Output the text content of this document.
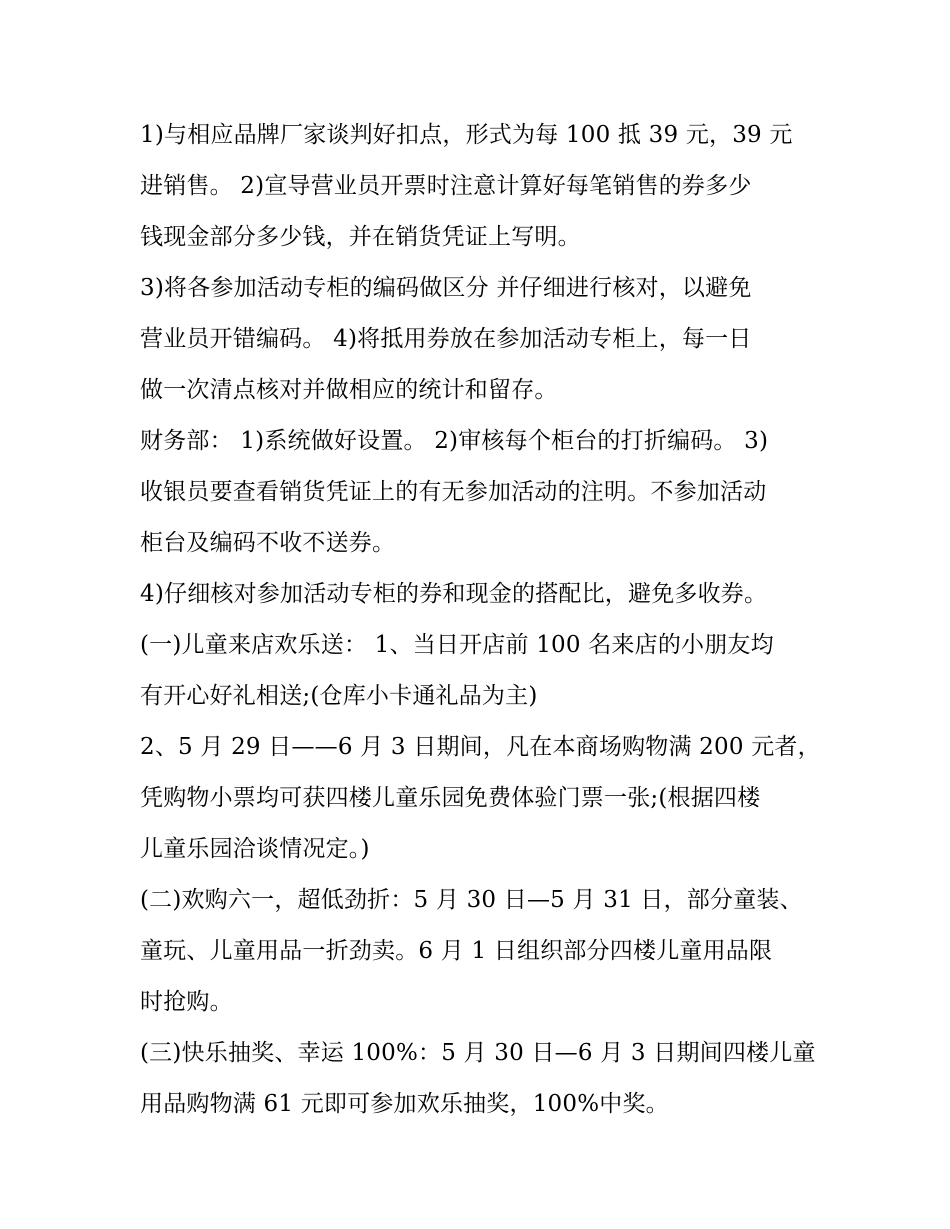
1)与相应品牌厂家谈判好扣点，形式为每 100 抵 39 元，39 元
进销售。 2)宣导营业员开票时注意计算好每笔销售的券多少
钱现金部分多少钱，并在销货凭证上写明。
3)将各参加活动专柜的编码做区分 并仔细进行核对，以避免
营业员开错编码。 4)将抵用券放在参加活动专柜上，每一日
做一次清点核对并做相应的统计和留存。
财务部： 1)系统做好设置。 2)审核每个柜台的打折编码。 3)
收银员要查看销货凭证上的有无参加活动的注明。不参加活动
柜台及编码不收不送券。
4)仔细核对参加活动专柜的券和现金的搭配比，避免多收券。
(一)儿童来店欢乐送： 1、当日开店前 100 名来店的小朋友均
有开心好礼相送;(仓库小卡通礼品为主)
2、5 月 29 日——6 月 3 日期间，凡在本商场购物满 200 元者，
凭购物小票均可获四楼儿童乐园免费体验门票一张;(根据四楼
儿童乐园洽谈情况定。)
(二)欢购六一，超低劲折：5 月 30 日—5 月 31 日，部分童装、
童玩、儿童用品一折劲卖。6 月 1 日组织部分四楼儿童用品限
时抢购。
(三)快乐抽奖、幸运 100%：5 月 30 日—6 月 3 日期间四楼儿童
用品购物满 61 元即可参加欢乐抽奖，100%中奖。
